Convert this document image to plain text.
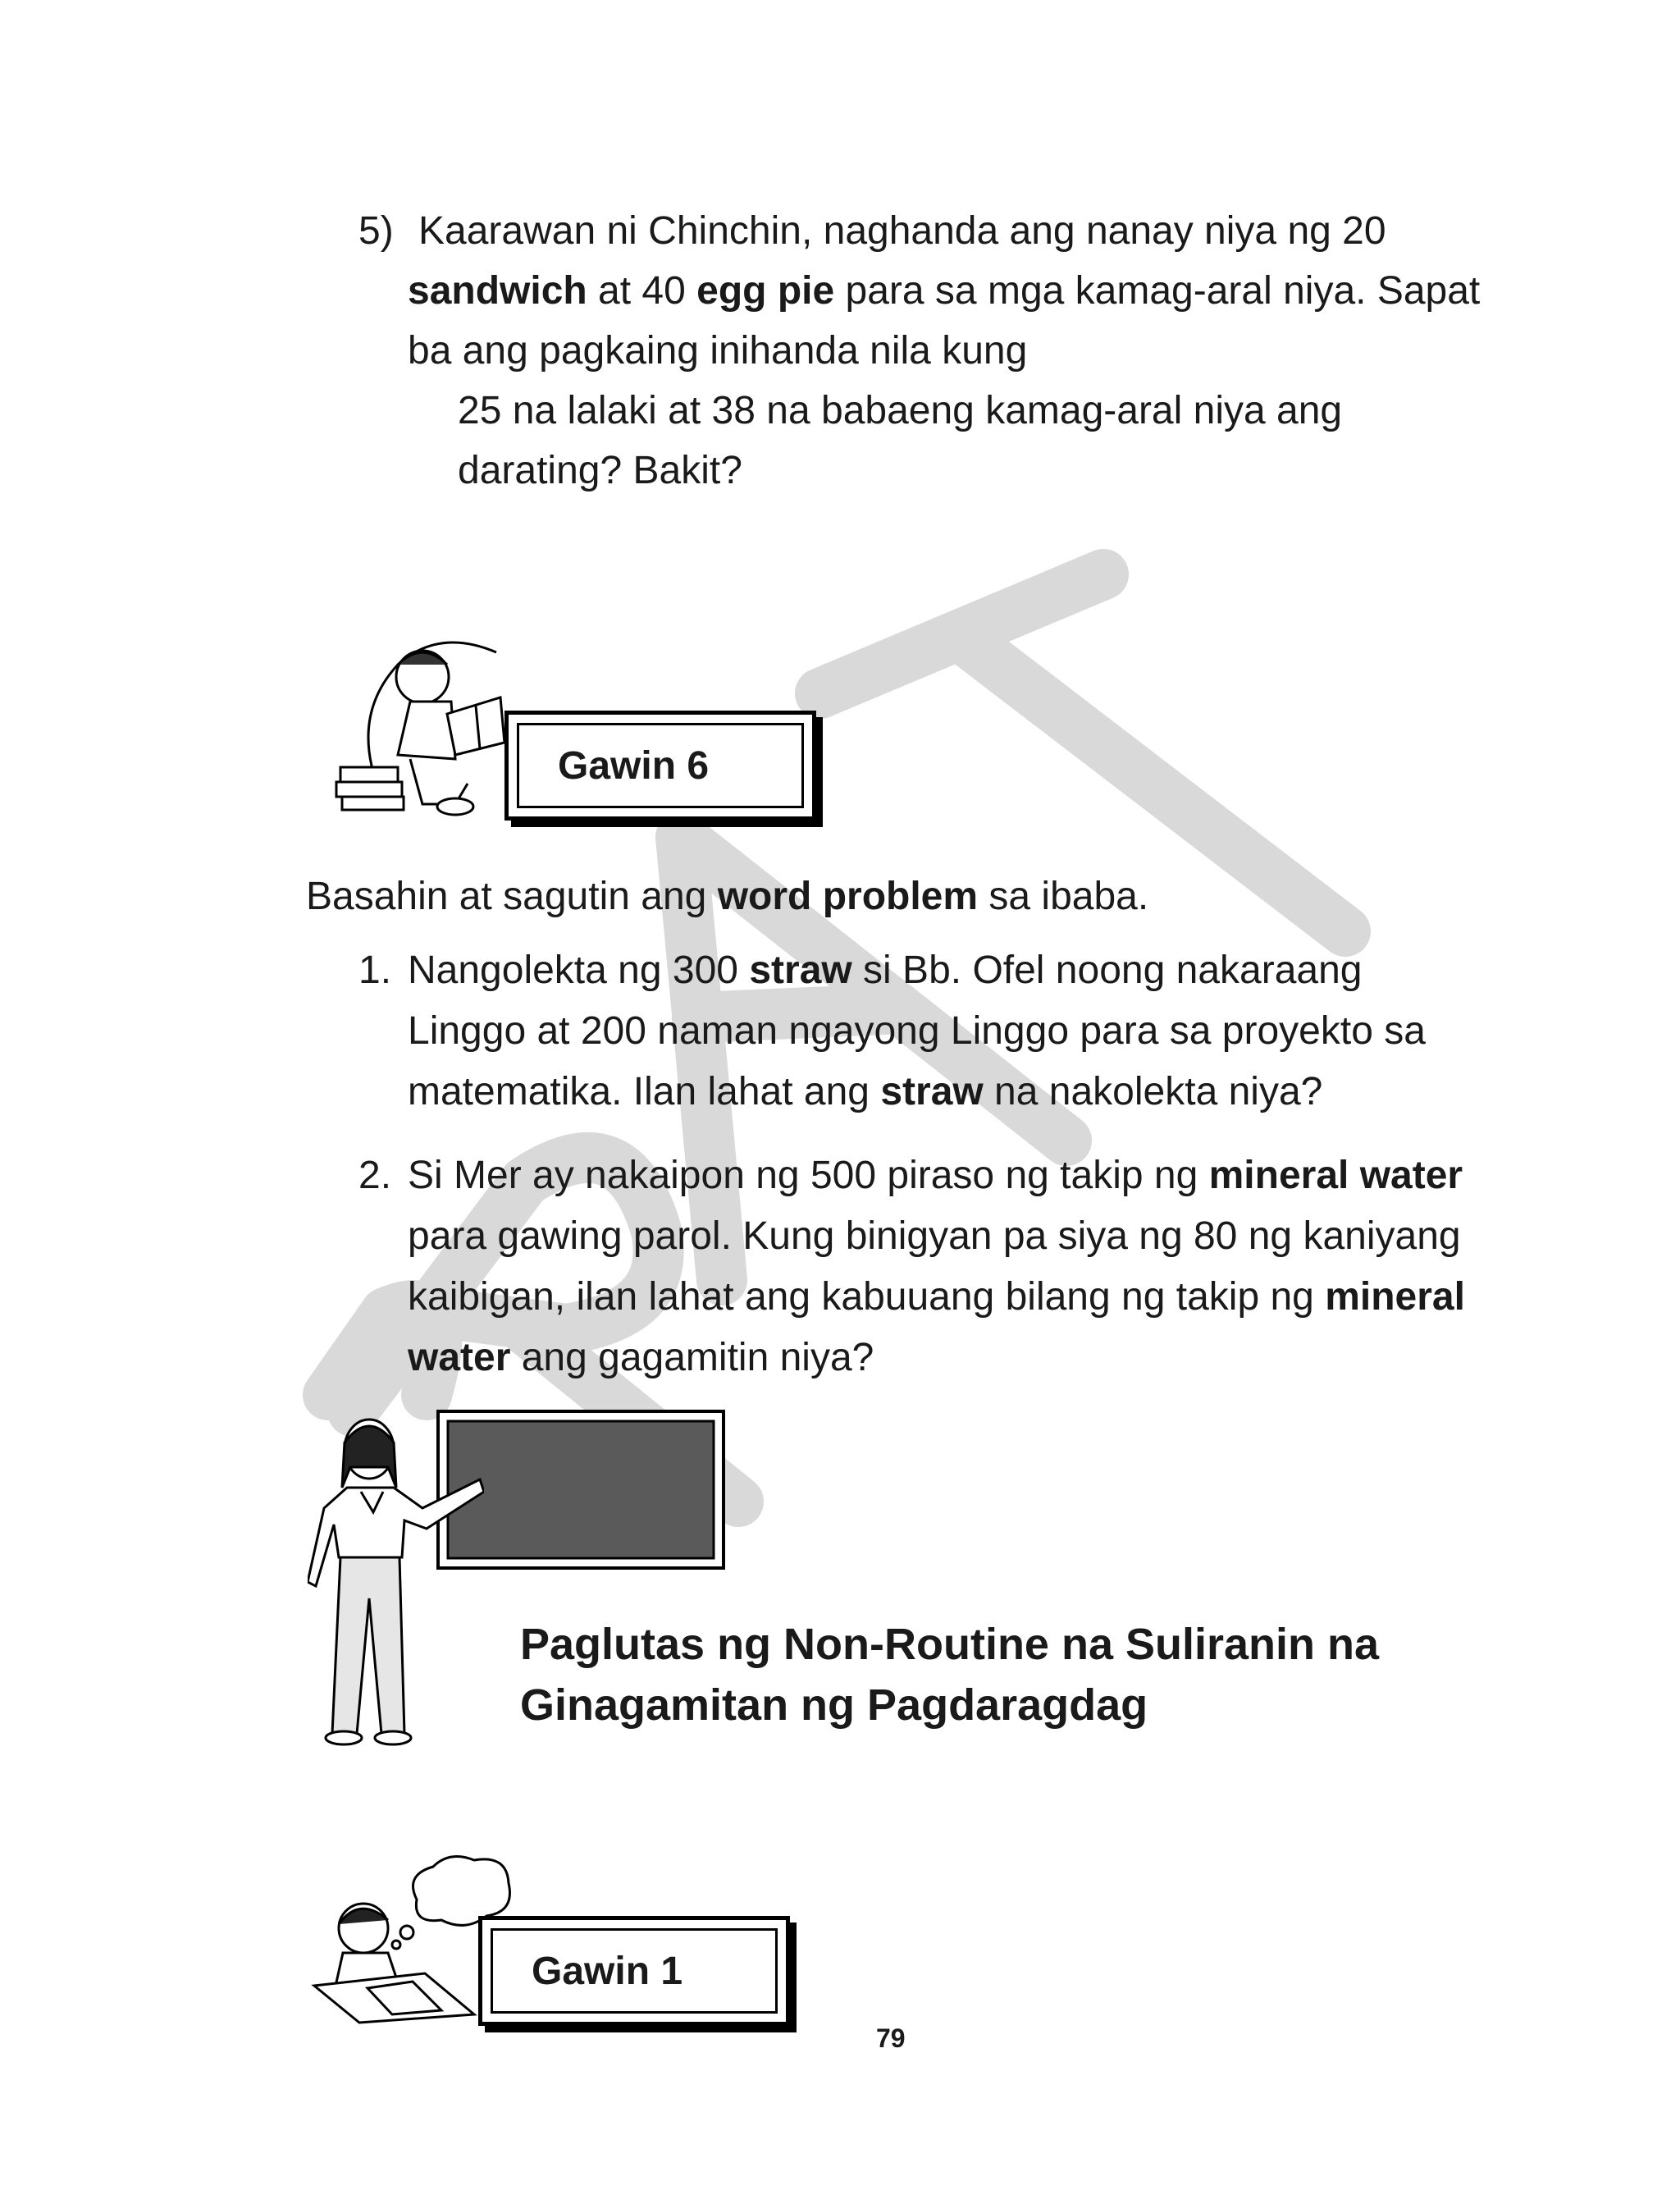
5) Kaarawan ni Chinchin, naghanda ang nanay niya ng 20
sandwich at 40 egg pie para sa mga kamag-aral niya. Sapat
ba ang pagkaing inihanda nila kung
25 na lalaki at 38 na babaeng kamag-aral niya ang
darating? Bakit?
Gawin 6
Basahin at sagutin ang word problem sa ibaba.
1. Nangolekta ng 300 straw si Bb. Ofel noong nakaraang
Linggo at 200 naman ngayong Linggo para sa proyekto sa
matematika. Ilan lahat ang straw na nakolekta niya?
2. Si Mer ay nakaipon ng 500 piraso ng takip ng mineral water
para gawing parol. Kung binigyan pa siya ng 80 ng kaniyang
kaibigan, ilan lahat ang kabuuang bilang ng takip ng mineral
water ang gagamitin niya?
Paglutas ng Non-Routine na Suliranin na
Ginagamitan ng Pagdaragdag
Gawin 1
79
